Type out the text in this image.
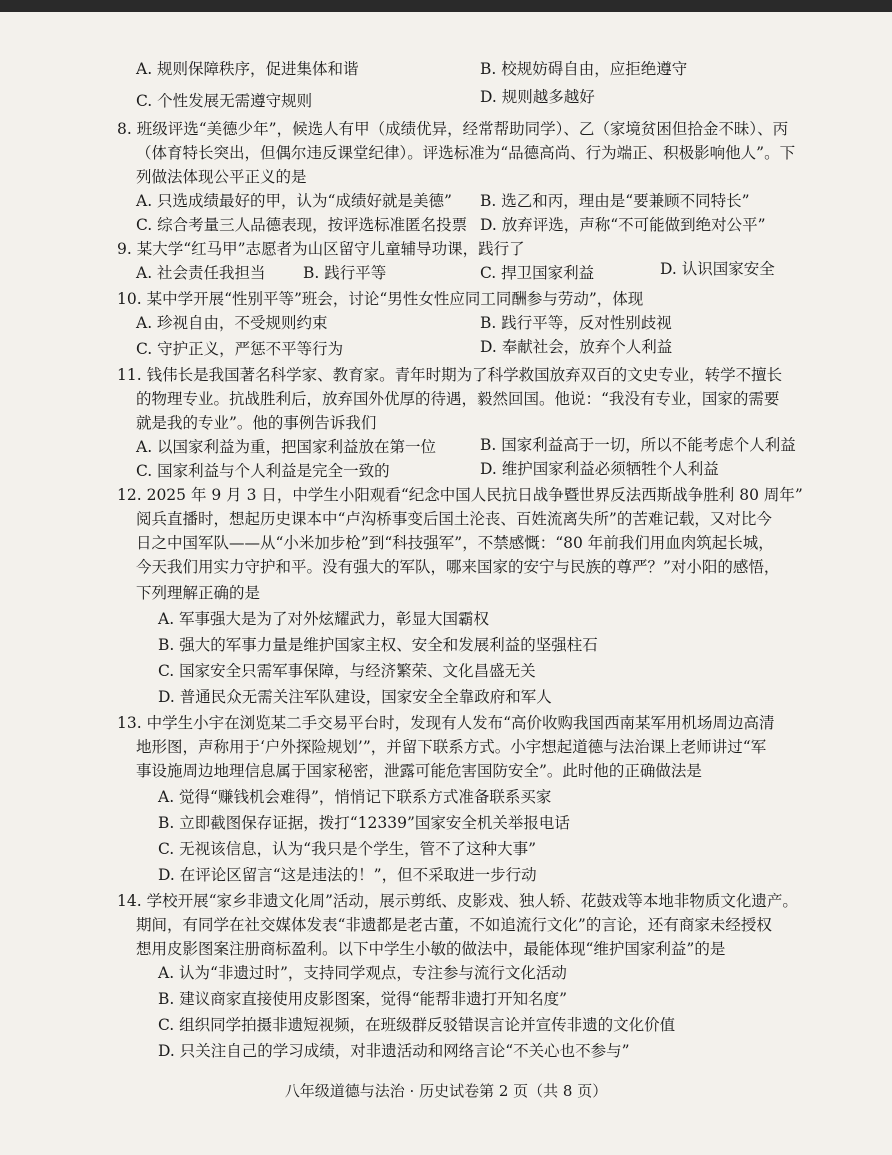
A. 规则保障秩序，促进集体和谐	B. 校规妨碍自由，应拒绝遵守
C. 个性发展无需遵守规则	D. 规则越多越好
8. 班级评选“美德少年”，候选人有甲（成绩优异，经常帮助同学）、乙（家境贫困但拾金不昧）、丙
（体育特长突出，但偶尔违反课堂纪律）。评选标准为“品德高尚、行为端正、积极影响他人”。下
列做法体现公平正义的是
A. 只选成绩最好的甲，认为“成绩好就是美德” B. 选乙和丙，理由是“要兼顾不同特长”
C. 综合考量三人品德表现，按评选标准匿名投票 D. 放弃评选，声称“不可能做到绝对公平”
9. 某大学“红马甲”志愿者为山区留守儿童辅导功课，践行了
A. 社会责任我担当 B. 践行平等	C. 捍卫国家利益	D. 认识国家安全
10. 某中学开展“性别平等”班会，讨论“男性女性应同工同酬参与劳动”，体现
A. 珍视自由，不受规则约束	B. 践行平等，反对性别歧视
C. 守护正义，严惩不平等行为	D. 奉献社会，放弃个人利益
11. 钱伟长是我国著名科学家、教育家。青年时期为了科学救国放弃双百的文史专业，转学不擅长
的物理专业。抗战胜利后，放弃国外优厚的待遇，毅然回国。他说：“我没有专业，国家的需要
就是我的专业”。他的事例告诉我们
A. 以国家利益为重，把国家利益放在第一位	B. 国家利益高于一切，所以不能考虑个人利益
C. 国家利益与个人利益是完全一致的	D. 维护国家利益必须牺牲个人利益
12. 2025 年 9 月 3 日，中学生小阳观看“纪念中国人民抗日战争暨世界反法西斯战争胜利 80 周年”
阅兵直播时，想起历史课本中“卢沟桥事变后国土沦丧、百姓流离失所”的苦难记载，又对比今
日之中国军队——从“小米加步枪”到“科技强军”，不禁感慨：“80 年前我们用血肉筑起长城，
今天我们用实力守护和平。没有强大的军队，哪来国家的安宁与民族的尊严？”对小阳的感悟，
下列理解正确的是
A. 军事强大是为了对外炫耀武力，彰显大国霸权
B. 强大的军事力量是维护国家主权、安全和发展利益的坚强柱石
C. 国家安全只需军事保障，与经济繁荣、文化昌盛无关
D. 普通民众无需关注军队建设，国家安全全靠政府和军人
13. 中学生小宇在浏览某二手交易平台时，发现有人发布“高价收购我国西南某军用机场周边高清
地形图，声称用于‘户外探险规划’”，并留下联系方式。小宇想起道德与法治课上老师讲过“军
事设施周边地理信息属于国家秘密，泄露可能危害国防安全”。此时他的正确做法是
A. 觉得“赚钱机会难得”，悄悄记下联系方式准备联系买家
B. 立即截图保存证据，拨打“12339”国家安全机关举报电话
C. 无视该信息，认为“我只是个学生，管不了这种大事”
D. 在评论区留言“这是违法的！”，但不采取进一步行动
14. 学校开展“家乡非遗文化周”活动，展示剪纸、皮影戏、独人轿、花鼓戏等本地非物质文化遗产。
期间，有同学在社交媒体发表“非遗都是老古董，不如追流行文化”的言论，还有商家未经授权
想用皮影图案注册商标盈利。以下中学生小敏的做法中，最能体现“维护国家利益”的是
A. 认为“非遗过时”，支持同学观点，专注参与流行文化活动
B. 建议商家直接使用皮影图案，觉得“能帮非遗打开知名度”
C. 组织同学拍摄非遗短视频，在班级群反驳错误言论并宣传非遗的文化价值
D. 只关注自己的学习成绩，对非遗活动和网络言论“不关心也不参与”
八年级道德与法治 · 历史试卷第 2 页（共 8 页）
